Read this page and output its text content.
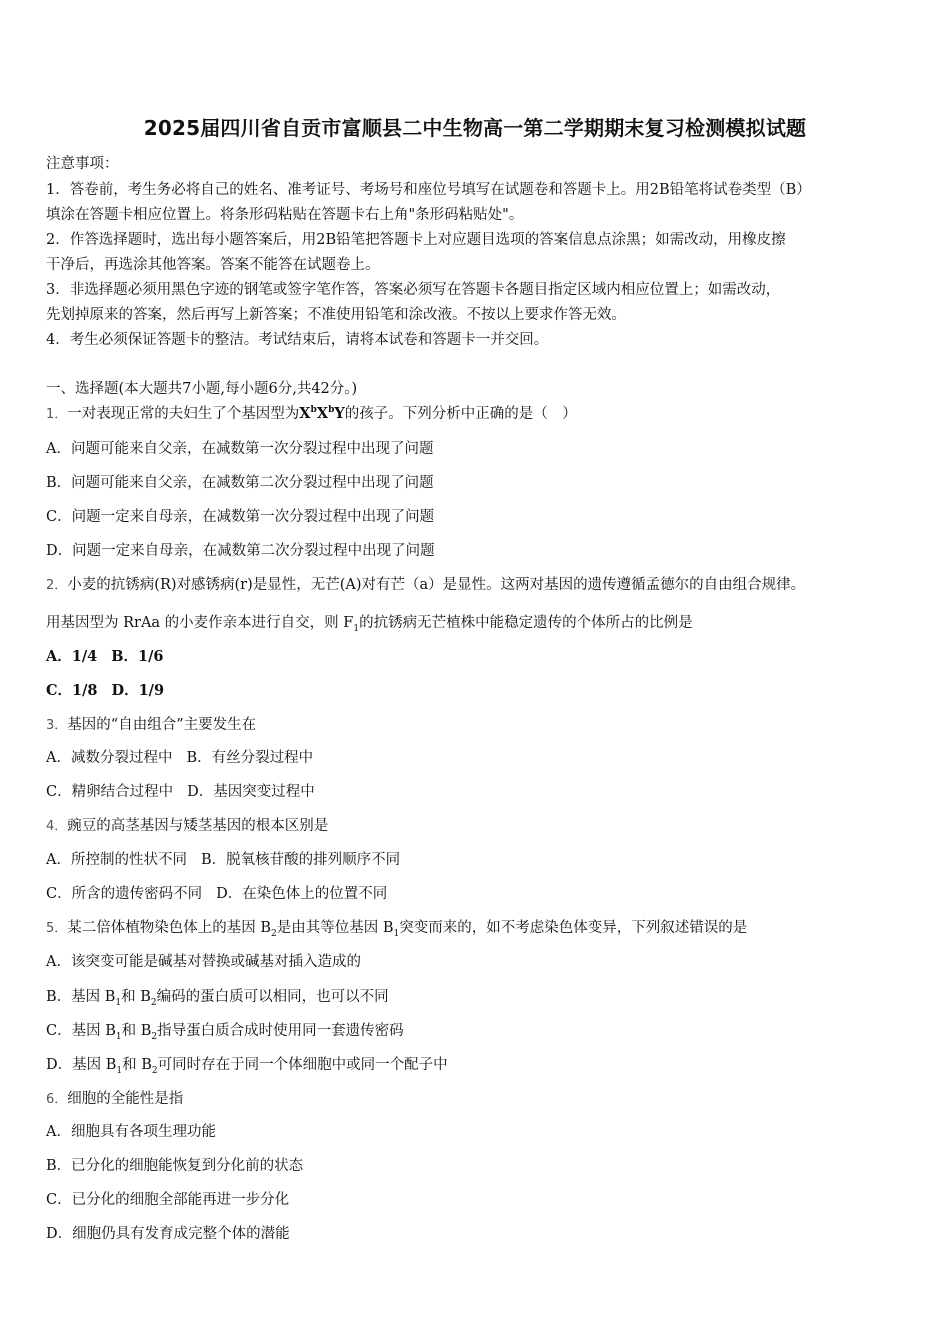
2025届四川省自贡市富顺县二中生物高一第二学期期末复习检测模拟试题
注意事项：
1．答卷前，考生务必将自己的姓名、准考证号、考场号和座位号填写在试题卷和答题卡上。用2B铅笔将试卷类型（B）
填涂在答题卡相应位置上。将条形码粘贴在答题卡右上角"条形码粘贴处"。
2．作答选择题时，选出每小题答案后，用2B铅笔把答题卡上对应题目选项的答案信息点涂黑；如需改动，用橡皮擦
干净后，再选涂其他答案。答案不能答在试题卷上。
3．非选择题必须用黑色字迹的钢笔或签字笔作答，答案必须写在答题卡各题目指定区域内相应位置上；如需改动，
先划掉原来的答案，然后再写上新答案；不准使用铅笔和涂改液。不按以上要求作答无效。
4．考生必须保证答题卡的整洁。考试结束后，请将本试卷和答题卡一并交回。
一、选择题(本大题共7小题,每小题6分,共42分。)
1．一对表现正常的夫妇生了个基因型为$X^bX^bY$的孩子。下列分析中正确的是（　）
A．问题可能来自父亲，在减数第一次分裂过程中出现了问题
B．问题可能来自父亲，在减数第二次分裂过程中出现了问题
C．问题一定来自母亲，在减数第一次分裂过程中出现了问题
D．问题一定来自母亲，在减数第二次分裂过程中出现了问题
2．小麦的抗锈病(R)对感锈病(r)是显性，无芒(A)对有芒（a）是显性。这两对基因的遗传遵循孟德尔的自由组合规律。
用基因型为 RrAa 的小麦作亲本进行自交，则 $F_1$的抗锈病无芒植株中能稳定遗传的个体所占的比例是
A．1/4 B．1/6
C．1/8 D．1/9
3．基因的“自由组合”主要发生在
A．减数分裂过程中 B．有丝分裂过程中
C．精卵结合过程中 D．基因突变过程中
4．豌豆的高茎基因与矮茎基因的根本区别是
A．所控制的性状不同 B．脱氧核苷酸的排列顺序不同
C．所含的遗传密码不同 D．在染色体上的位置不同
5．某二倍体植物染色体上的基因 $B_2$是由其等位基因 $B_1$突变而来的，如不考虑染色体变异，下列叙述错误的是
A．该突变可能是碱基对替换或碱基对插入造成的
B．基因 $B_1$和 $B_2$编码的蛋白质可以相同，也可以不同
C．基因 $B_1$和 $B_2$指导蛋白质合成时使用同一套遗传密码
D．基因 $B_1$和 $B_2$可同时存在于同一个体细胞中或同一个配子中
6．细胞的全能性是指
A．细胞具有各项生理功能
B．已分化的细胞能恢复到分化前的状态
C．已分化的细胞全部能再进一步分化
D．细胞仍具有发育成完整个体的潜能
